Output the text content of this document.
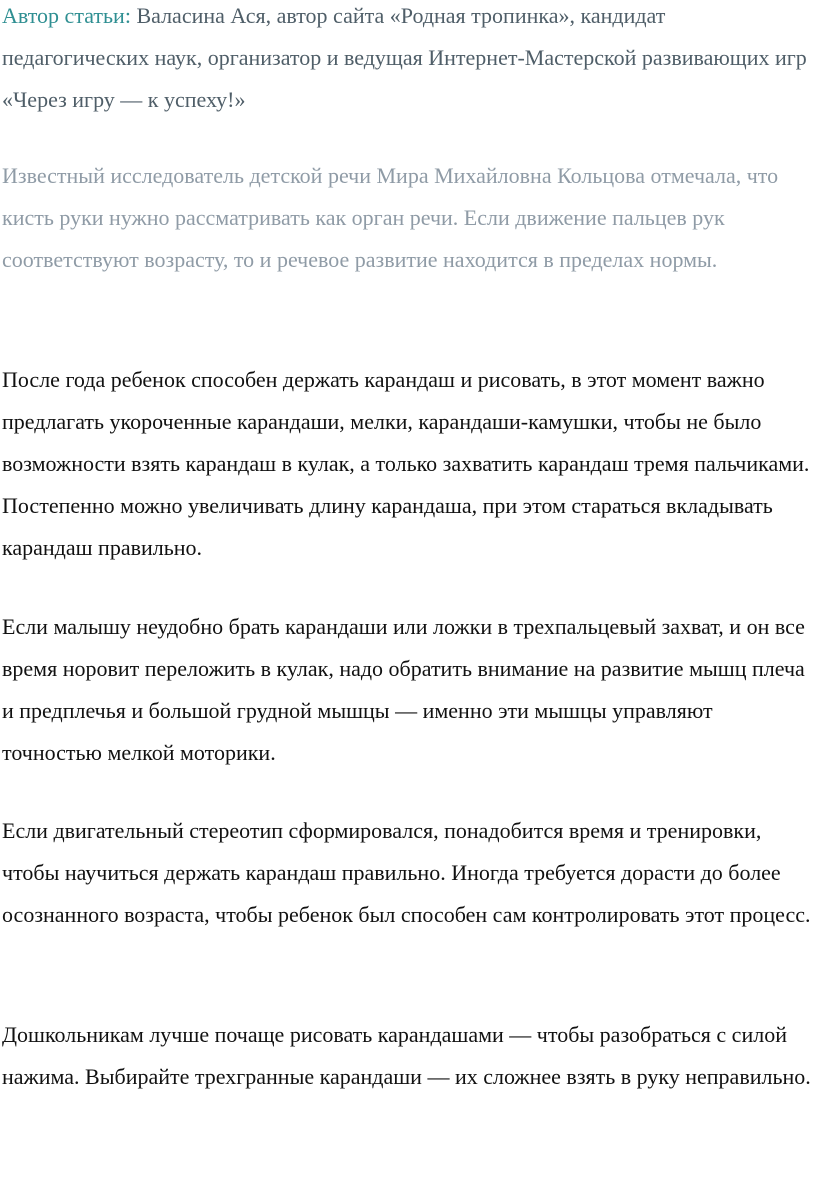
Автор статьи: Валасина Ася, автор сайта «Родная тропинка», кандидат педагогических наук, организатор и ведущая Интернет-Мастерской развивающих игр «Через игру — к успеху!»

Известный исследователь детской речи Мира Михайловна Кольцова отмечала, что кисть руки нужно рассматривать как орган речи. Если движение пальцев рук соответствуют возрасту, то и речевое развитие находится в пределах нормы.

После года ребенок способен держать карандаш и рисовать, в этот момент важно предлагать укороченные карандаши, мелки, карандаши-камушки, чтобы не было возможности взять карандаш в кулак, а только захватить карандаш тремя пальчиками. Постепенно можно увеличивать длину карандаша, при этом стараться вкладывать карандаш правильно.

Если малышу неудобно брать карандаши или ложки в трехпальцевый захват, и он все время норовит переложить в кулак, надо обратить внимание на развитие мышц плеча и предплечья и большой грудной мышцы — именно эти мышцы управляют точностью мелкой моторики.

Если двигательный стереотип сформировался, понадобится время и тренировки, чтобы научиться держать карандаш правильно. Иногда требуется дорасти до более осознанного возраста, чтобы ребенок был способен сам контролировать этот процесс.

Дошкольникам лучше почаще рисовать карандашами — чтобы разобраться с силой нажима. Выбирайте трехгранные карандаши — их сложнее взять в руку неправильно.
